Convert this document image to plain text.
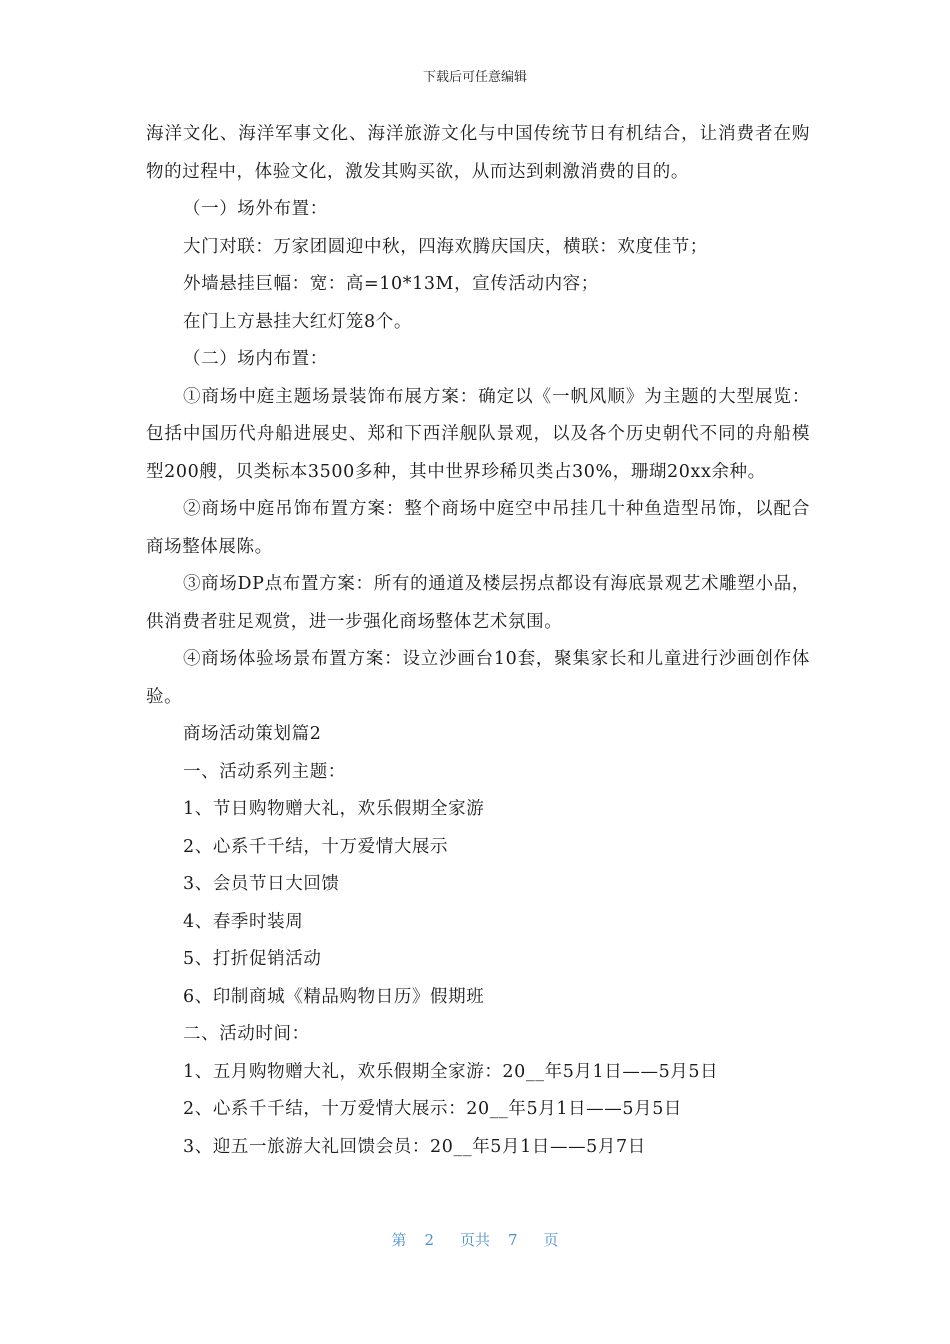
下载后可任意编辑

海洋文化、海洋军事文化、海洋旅游文化与中国传统节日有机结合，让消费者在购物的过程中，体验文化，激发其购买欲，从而达到刺激消费的目的。

（一）场外布置：

大门对联：万家团圆迎中秋，四海欢腾庆国庆，横联：欢度佳节；

外墙悬挂巨幅：宽：高=10*13M，宣传活动内容；

在门上方悬挂大红灯笼8个。

（二）场内布置：

①商场中庭主题场景装饰布展方案：确定以《一帆风顺》为主题的大型展览：包括中国历代舟船进展史、郑和下西洋舰队景观，以及各个历史朝代不同的舟船模型200艘，贝类标本3500多种，其中世界珍稀贝类占30%，珊瑚20xx余种。

②商场中庭吊饰布置方案：整个商场中庭空中吊挂几十种鱼造型吊饰，以配合商场整体展陈。

③商场DP点布置方案：所有的通道及楼层拐点都设有海底景观艺术雕塑小品，供消费者驻足观赏，进一步强化商场整体艺术氛围。

④商场体验场景布置方案：设立沙画台10套，聚集家长和儿童进行沙画创作体验。

商场活动策划篇2

一、活动系列主题：

1、节日购物赠大礼，欢乐假期全家游

2、心系千千结，十万爱情大展示

3、会员节日大回馈

4、春季时装周

5、打折促销活动

6、印制商城《精品购物日历》假期班

二、活动时间：

1、五月购物赠大礼，欢乐假期全家游：20__年5月1日——5月5日

2、心系千千结，十万爱情大展示：20__年5月1日——5月5日

3、迎五一旅游大礼回馈会员：20__年5月1日——5月7日

第 2 页共 7 页
